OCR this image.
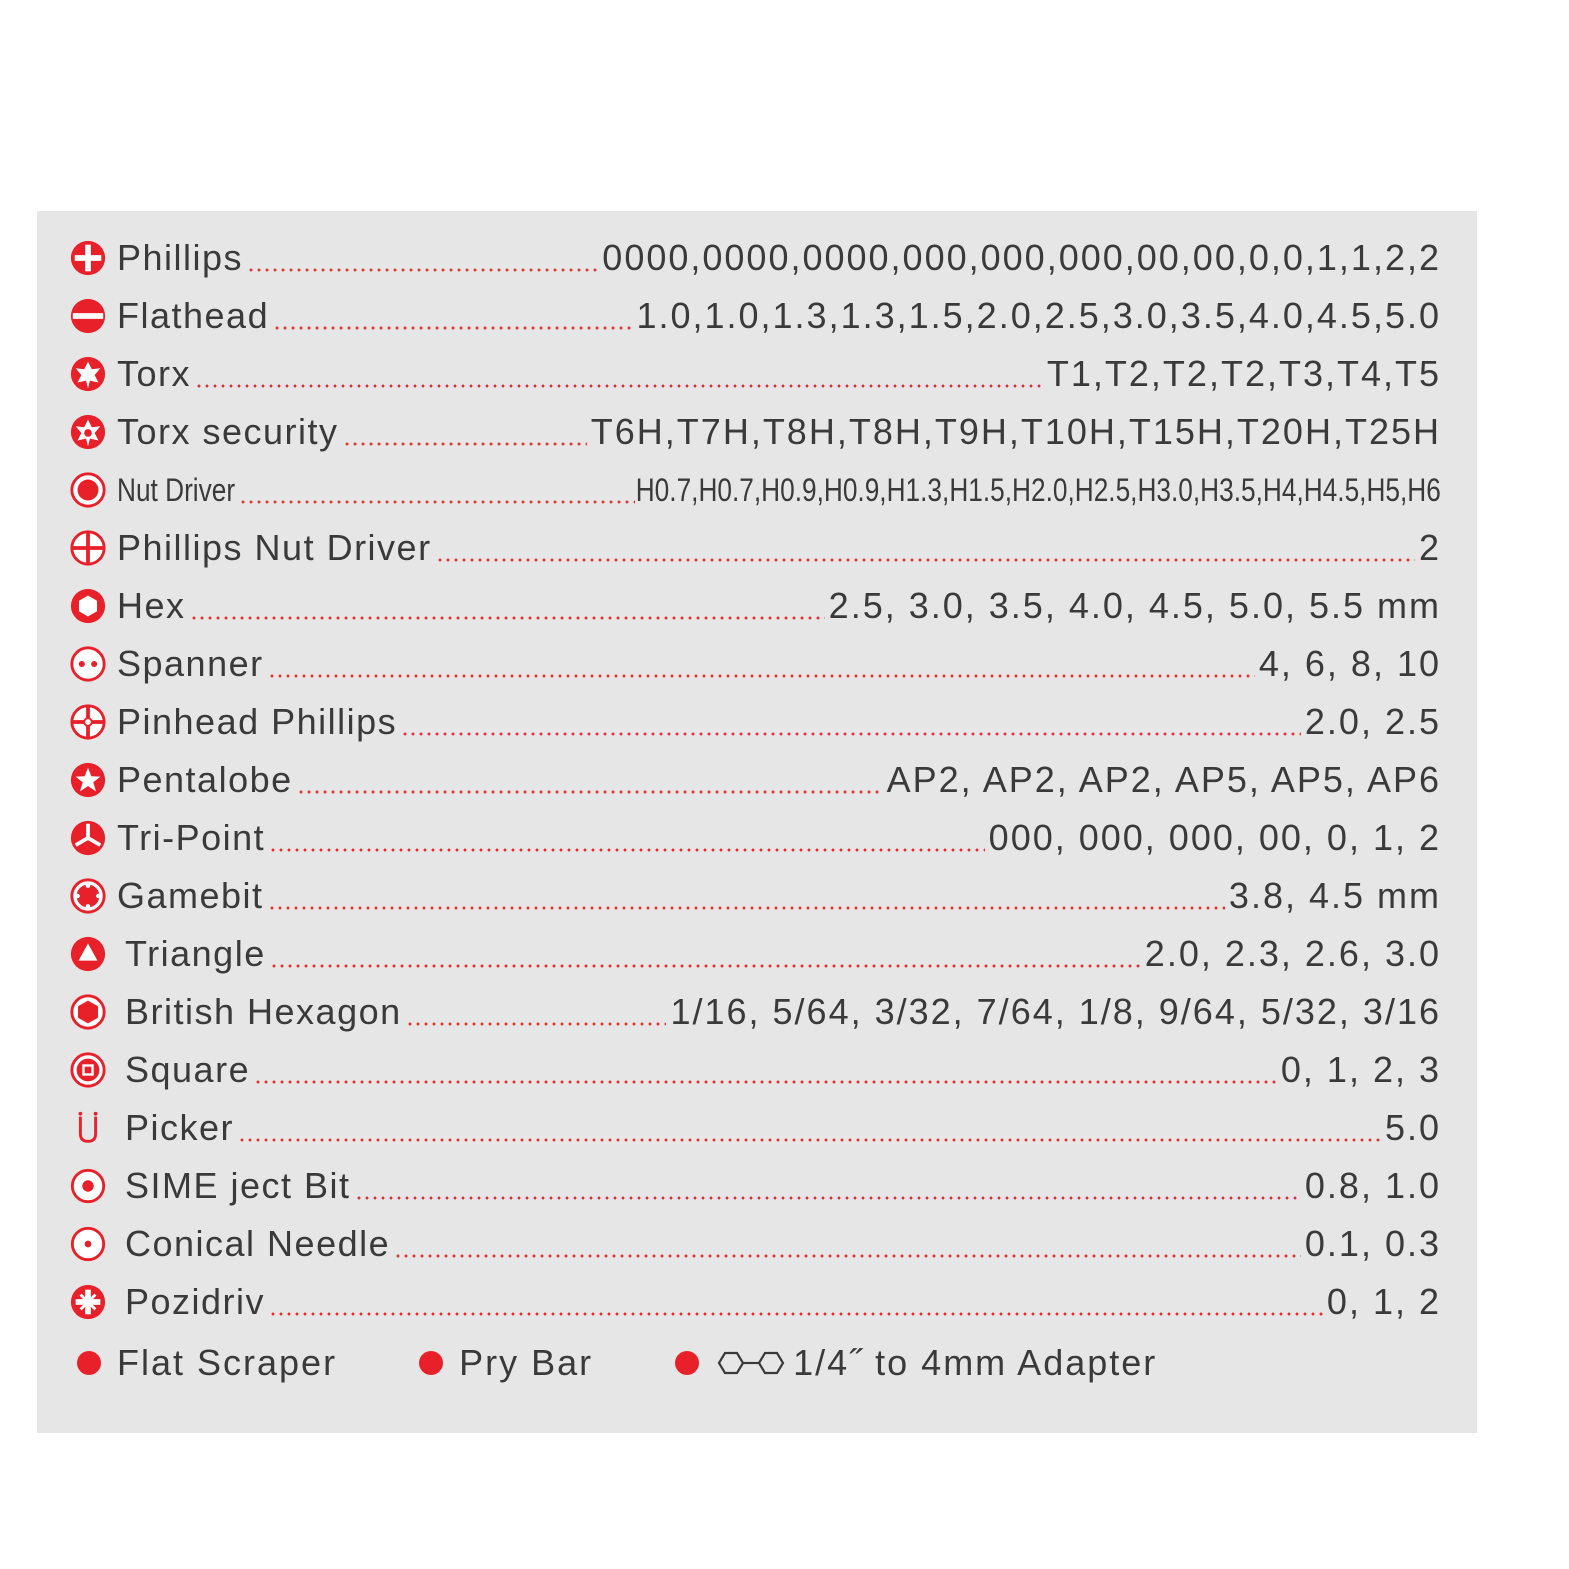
Phillips	0000,0000,0000,000,000,000,00,00,0,0,1,1,2,2
Flathead	1.0,1.0,1.3,1.3,1.5,2.0,2.5,3.0,3.5,4.0,4.5,5.0
Torx	T1,T2,T2,T2,T3,T4,T5
Torx security	T6H,T7H,T8H,T8H,T9H,T10H,T15H,T20H,T25H
Nut Driver	H0.7,H0.7,H0.9,H0.9,H1.3,H1.5,H2.0,H2.5,H3.0,H3.5,H4,H4.5,H5,H6
Phillips Nut Driver	2
Hex	2.5, 3.0, 3.5, 4.0, 4.5, 5.0, 5.5 mm
Spanner	4, 6, 8, 10
Pinhead Phillips	2.0, 2.5
Pentalobe	AP2, AP2, AP2, AP5, AP5, AP6
Tri-Point	000, 000, 000, 00, 0, 1, 2
Gamebit	3.8, 4.5 mm
Triangle	2.0, 2.3, 2.6, 3.0
British Hexagon	1/16, 5/64, 3/32, 7/64, 1/8, 9/64, 5/32, 3/16
Square	0, 1, 2, 3
Picker	5.0
SIME ject Bit	0.8, 1.0
Conical Needle	0.1, 0.3
Pozidriv	0, 1, 2
Flat Scraper	Pry Bar	1/4˝ to 4mm Adapter
